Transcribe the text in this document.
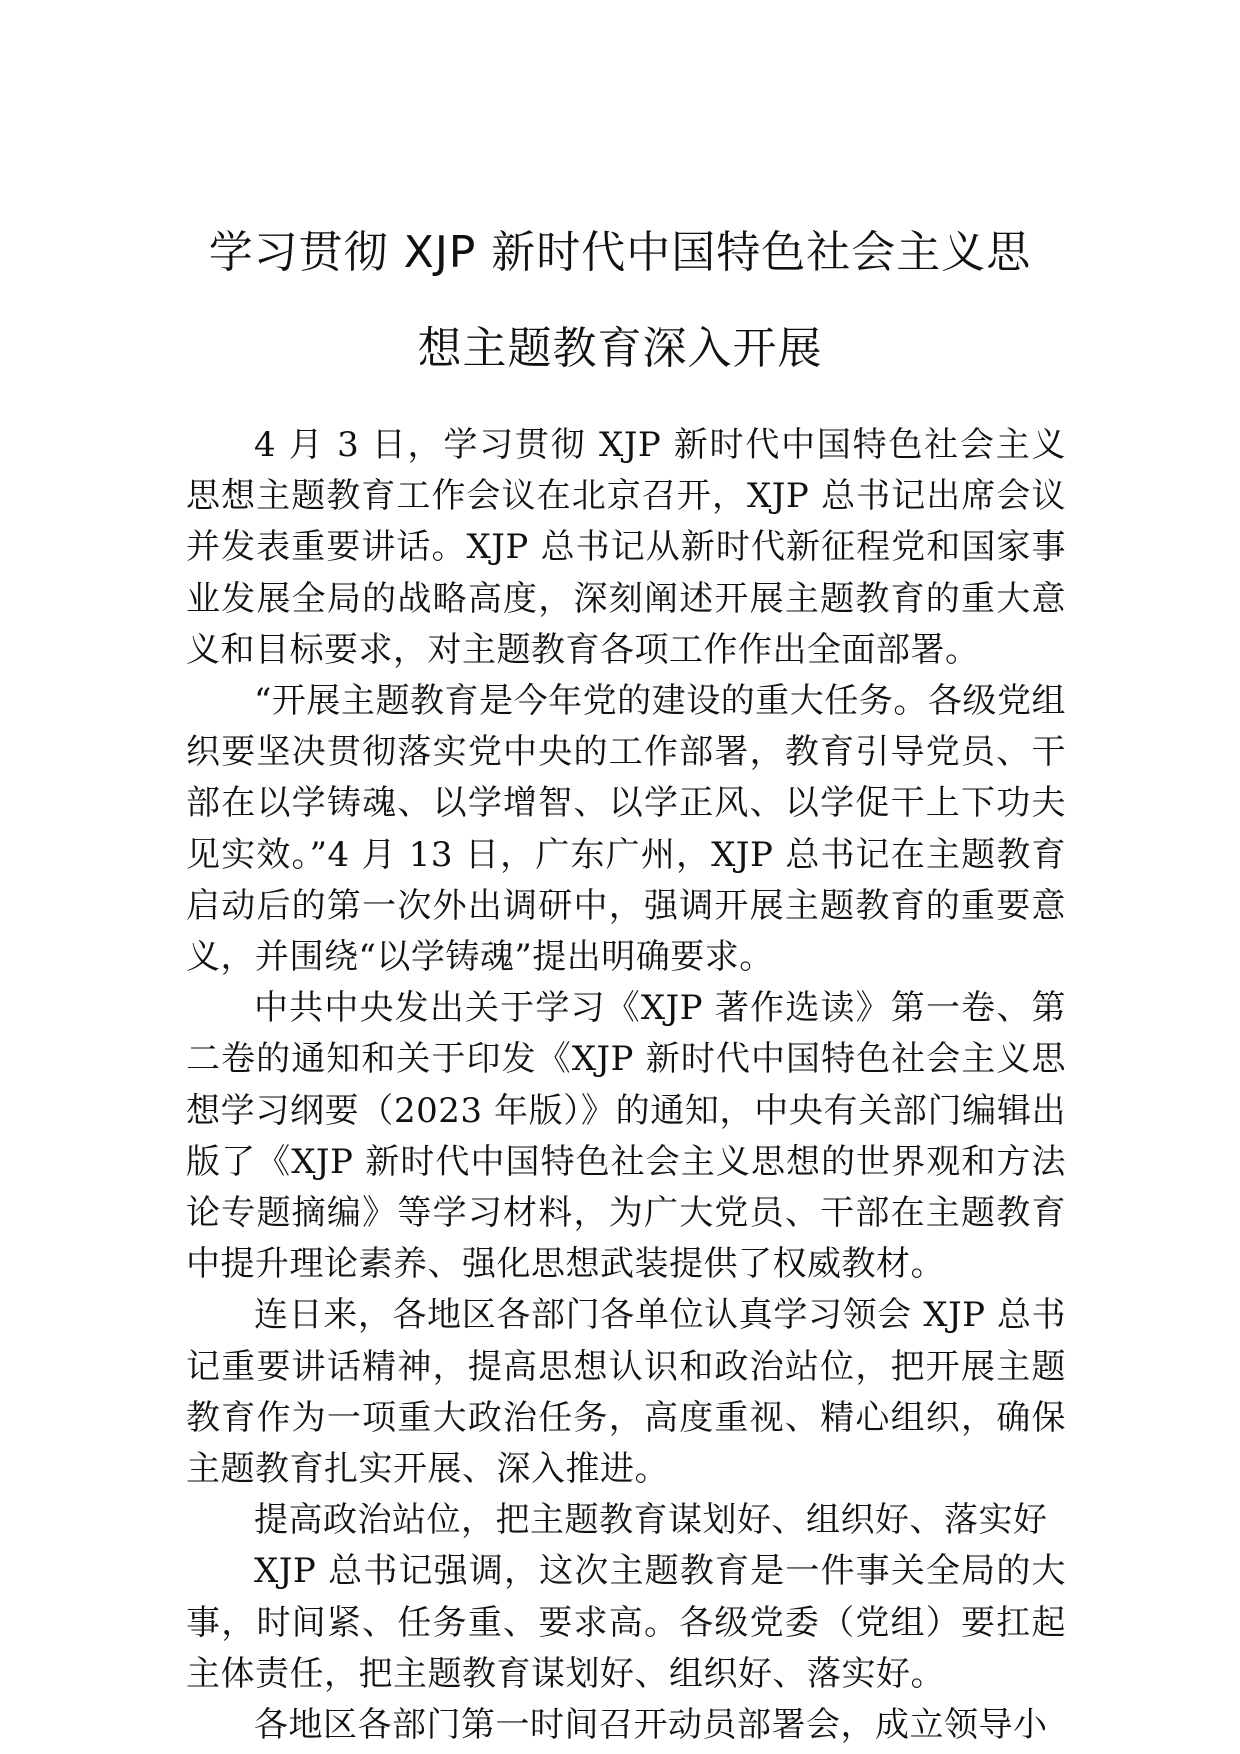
学习贯彻 XJP 新时代中国特色社会主义思
想主题教育深入开展

4 月 3 日，学习贯彻 XJP 新时代中国特色社会主义思想主题教育工作会议在北京召开，XJP 总书记出席会议并发表重要讲话。XJP 总书记从新时代新征程党和国家事业发展全局的战略高度，深刻阐述开展主题教育的重大意义和目标要求，对主题教育各项工作作出全面部署。

“开展主题教育是今年党的建设的重大任务。各级党组织要坚决贯彻落实党中央的工作部署，教育引导党员、干部在以学铸魂、以学增智、以学正风、以学促干上下功夫见实效。”4 月 13 日，广东广州，XJP 总书记在主题教育启动后的第一次外出调研中，强调开展主题教育的重要意义，并围绕“以学铸魂”提出明确要求。

中共中央发出关于学习《XJP 著作选读》第一卷、第二卷的通知和关于印发《XJP 新时代中国特色社会主义思想学习纲要（2023 年版）》的通知，中央有关部门编辑出版了《XJP 新时代中国特色社会主义思想的世界观和方法论专题摘编》等学习材料，为广大党员、干部在主题教育中提升理论素养、强化思想武装提供了权威教材。

连日来，各地区各部门各单位认真学习领会 XJP 总书记重要讲话精神，提高思想认识和政治站位，把开展主题教育作为一项重大政治任务，高度重视、精心组织，确保主题教育扎实开展、深入推进。

提高政治站位，把主题教育谋划好、组织好、落实好

XJP 总书记强调，这次主题教育是一件事关全局的大事，时间紧、任务重、要求高。各级党委（党组）要扛起主体责任，把主题教育谋划好、组织好、落实好。

各地区各部门第一时间召开动员部署会，成立领导小
